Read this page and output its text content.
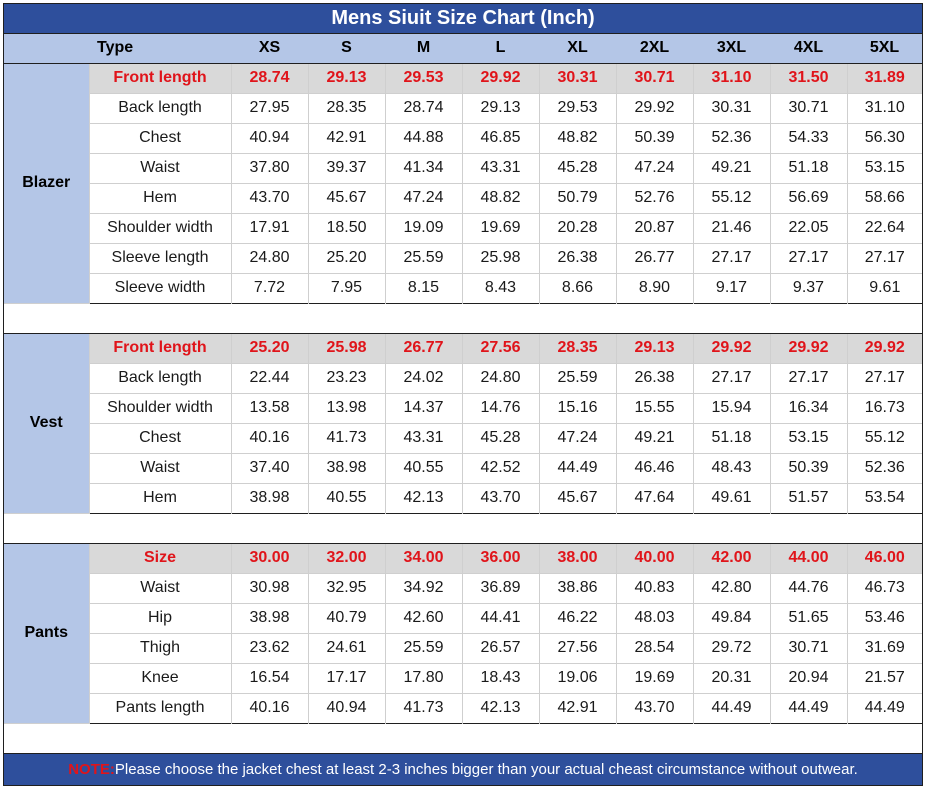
Mens Siuit Size Chart (Inch)										
Type		XS	S	M	L	XL	2XL	3XL	4XL	5XL
Blazer	Front length	28.74	29.13	29.53	29.92	30.31	30.71	31.10	31.50	31.89
	Back length	27.95	28.35	28.74	29.13	29.53	29.92	30.31	30.71	31.10
	Chest	40.94	42.91	44.88	46.85	48.82	50.39	52.36	54.33	56.30
	Waist	37.80	39.37	41.34	43.31	45.28	47.24	49.21	51.18	53.15
	Hem	43.70	45.67	47.24	48.82	50.79	52.76	55.12	56.69	58.66
	Shoulder width	17.91	18.50	19.09	19.69	20.28	20.87	21.46	22.05	22.64
	Sleeve length	24.80	25.20	25.59	25.98	26.38	26.77	27.17	27.17	27.17
	Sleeve width	7.72	7.95	8.15	8.43	8.66	8.90	9.17	9.37	9.61

Vest	Front length	25.20	25.98	26.77	27.56	28.35	29.13	29.92	29.92	29.92
	Back length	22.44	23.23	24.02	24.80	25.59	26.38	27.17	27.17	27.17
	Shoulder width	13.58	13.98	14.37	14.76	15.16	15.55	15.94	16.34	16.73
	Chest	40.16	41.73	43.31	45.28	47.24	49.21	51.18	53.15	55.12
	Waist	37.40	38.98	40.55	42.52	44.49	46.46	48.43	50.39	52.36
	Hem	38.98	40.55	42.13	43.70	45.67	47.64	49.61	51.57	53.54

Pants	Size	30.00	32.00	34.00	36.00	38.00	40.00	42.00	44.00	46.00
	Waist	30.98	32.95	34.92	36.89	38.86	40.83	42.80	44.76	46.73
	Hip	38.98	40.79	42.60	44.41	46.22	48.03	49.84	51.65	53.46
	Thigh	23.62	24.61	25.59	26.57	27.56	28.54	29.72	30.71	31.69
	Knee	16.54	17.17	17.80	18.43	19.06	19.69	20.31	20.94	21.57
	Pants length	40.16	40.94	41.73	42.13	42.91	43.70	44.49	44.49	44.49

NOTE:Please choose the jacket chest at least 2-3 inches bigger than your actual cheast circumstance without outwear.										
